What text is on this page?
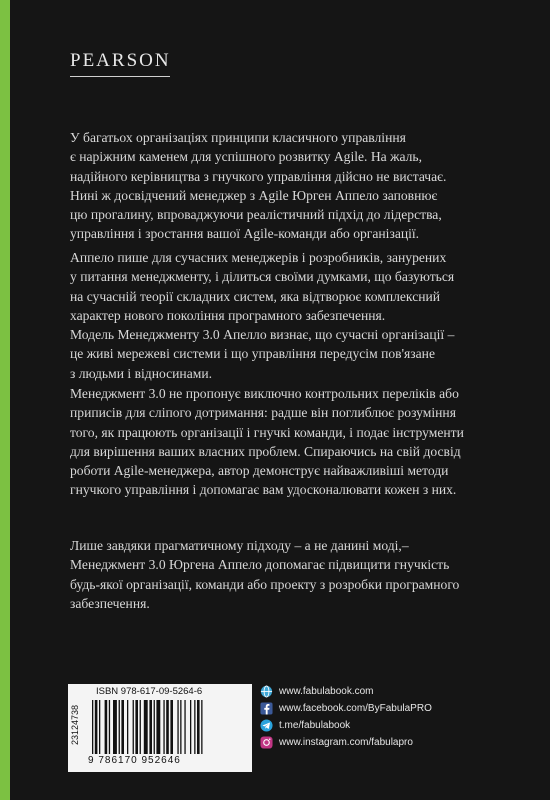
PEARSON

У багатьох організаціях принципи класичного управління
є наріжним каменем для успішного розвитку Agile. На жаль,
надійного керівництва з гнучкого управління дійсно не вистачає.
Нині ж досвідчений менеджер з Agile Юрген Аппело заповнює
цю прогалину, впроваджуючи реалістичний підхід до лідерства,
управління і зростання вашої Agile-команди або організації.

Аппело пише для сучасних менеджерів і розробників, занурених
у питання менеджменту, і ділиться своїми думками, що базуються
на сучасній теорії складних систем, яка відтворює комплексний
характер нового покоління програмного забезпечення.
Модель Менеджменту 3.0 Апелло визнає, що сучасні організації –
це живі мережеві системи і що управління передусім пов'язане
з людьми і відносинами.

Менеджмент 3.0 не пропонує виключно контрольних переліків або
приписів для сліпого дотримання: радше він поглиблює розуміння
того, як працюють організації і гнучкі команди, і подає інструменти
для вирішення ваших власних проблем. Спираючись на свій досвід
роботи Agile-менеджера, автор демонструє найважливіші методи
гнучкого управління і допомагає вам удосконалювати кожен з них.

Лише завдяки прагматичному підходу – а не данині моді,–
Менеджмент 3.0 Юргена Аппело допомагає підвищити гнучкість
будь-якої організації, команди або проекту з розробки програмного
забезпечення.

23124738
ISBN 978-617-09-5264-6
9 786170 952646
www.fabulabook.com
www.facebook.com/ByFabulaPRO
t.me/fabulabook
www.instagram.com/fabulapro
